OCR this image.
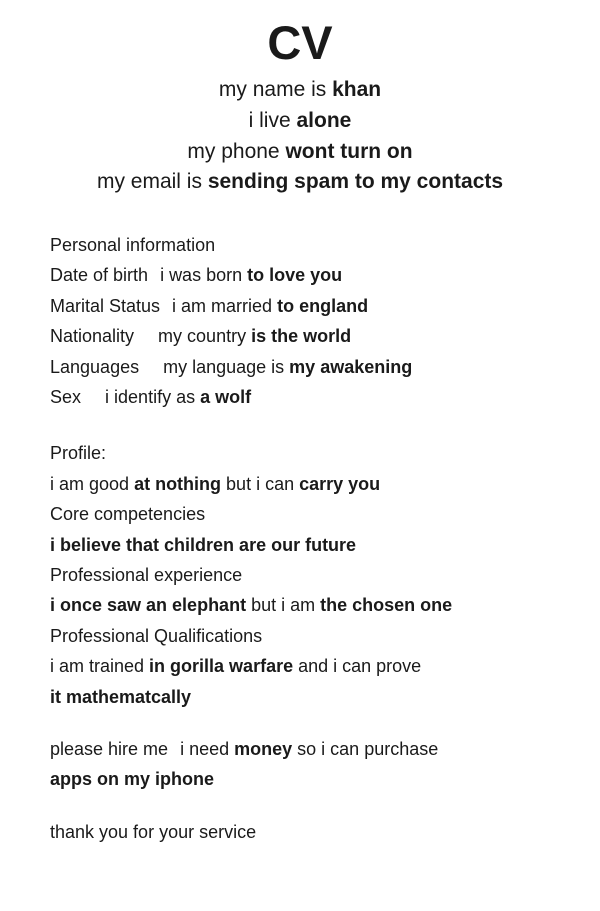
CV
my name is khan
i live alone
my phone wont turn on
my email is sending spam to my contacts
Personal information
Date of birth i was born to love you
Marital Status i am married to england
Nationality my country is the world
Languages my language is my awakening
Sex i identify as a wolf
Profile:
i am good at nothing but i can carry you
Core competencies
i believe that children are our future
Professional experience
i once saw an elephant but i am the chosen one
Professional Qualifications
i am trained in gorilla warfare and i can prove
it mathematcally
please hire me i need money so i can purchase
apps on my iphone
thank you for your service
